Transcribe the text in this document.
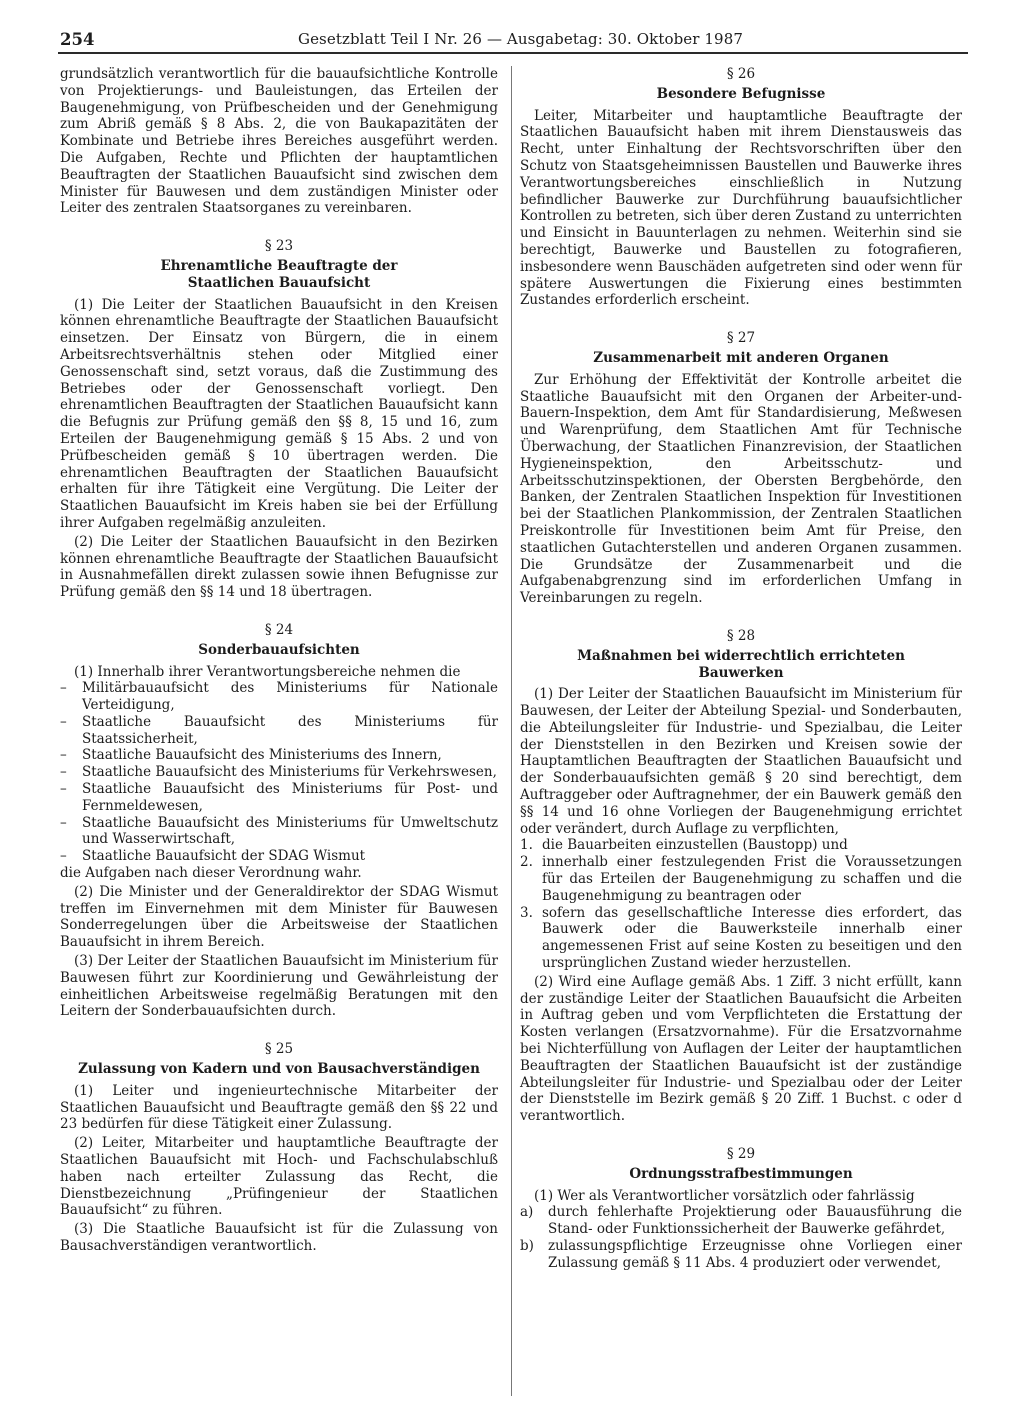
254	Gesetzblatt Teil I Nr. 26 — Ausgabetag: 30. Oktober 1987

grundsätzlich verantwortlich für die bauaufsichtliche Kontrolle von Projektierungs- und Bauleistungen, das Erteilen der Baugenehmigung, von Prüfbescheiden und der Genehmigung zum Abriß gemäß § 8 Abs. 2, die von Baukapazitäten der Kombinate und Betriebe ihres Bereiches ausgeführt werden. Die Aufgaben, Rechte und Pflichten der hauptamtlichen Beauftragten der Staatlichen Bauaufsicht sind zwischen dem Minister für Bauwesen und dem zuständigen Minister oder Leiter des zentralen Staatsorganes zu vereinbaren.

§ 23
Ehrenamtliche Beauftragte der
Staatlichen Bauaufsicht

(1) Die Leiter der Staatlichen Bauaufsicht in den Kreisen können ehrenamtliche Beauftragte der Staatlichen Bauaufsicht einsetzen. Der Einsatz von Bürgern, die in einem Arbeitsrechtsverhältnis stehen oder Mitglied einer Genossenschaft sind, setzt voraus, daß die Zustimmung des Betriebes oder der Genossenschaft vorliegt. Den ehrenamtlichen Beauftragten der Staatlichen Bauaufsicht kann die Befugnis zur Prüfung gemäß den §§ 8, 15 und 16, zum Erteilen der Baugenehmigung gemäß § 15 Abs. 2 und von Prüfbescheiden gemäß § 10 übertragen werden. Die ehrenamtlichen Beauftragten der Staatlichen Bauaufsicht erhalten für ihre Tätigkeit eine Vergütung. Die Leiter der Staatlichen Bauaufsicht im Kreis haben sie bei der Erfüllung ihrer Aufgaben regelmäßig anzuleiten.

(2) Die Leiter der Staatlichen Bauaufsicht in den Bezirken können ehrenamtliche Beauftragte der Staatlichen Bauaufsicht in Ausnahmefällen direkt zulassen sowie ihnen Befugnisse zur Prüfung gemäß den §§ 14 und 18 übertragen.

§ 24
Sonderbauaufsichten

(1) Innerhalb ihrer Verantwortungsbereiche nehmen die

– Militärbauaufsicht des Ministeriums für Nationale Verteidigung,
– Staatliche Bauaufsicht des Ministeriums für Staatssicherheit,
– Staatliche Bauaufsicht des Ministeriums des Innern,
– Staatliche Bauaufsicht des Ministeriums für Verkehrswesen,
– Staatliche Bauaufsicht des Ministeriums für Post- und Fernmeldewesen,
– Staatliche Bauaufsicht des Ministeriums für Umweltschutz und Wasserwirtschaft,
– Staatliche Bauaufsicht der SDAG Wismut

die Aufgaben nach dieser Verordnung wahr.

(2) Die Minister und der Generaldirektor der SDAG Wismut treffen im Einvernehmen mit dem Minister für Bauwesen Sonderregelungen über die Arbeitsweise der Staatlichen Bauaufsicht in ihrem Bereich.

(3) Der Leiter der Staatlichen Bauaufsicht im Ministerium für Bauwesen führt zur Koordinierung und Gewährleistung der einheitlichen Arbeitsweise regelmäßig Beratungen mit den Leitern der Sonderbauaufsichten durch.

§ 25
Zulassung von Kadern und von Bausachverständigen

(1) Leiter und ingenieurtechnische Mitarbeiter der Staatlichen Bauaufsicht und Beauftragte gemäß den §§ 22 und 23 bedürfen für diese Tätigkeit einer Zulassung.

(2) Leiter, Mitarbeiter und hauptamtliche Beauftragte der Staatlichen Bauaufsicht mit Hoch- und Fachschulabschluß haben nach erteilter Zulassung das Recht, die Dienstbezeichnung „Prüfingenieur der Staatlichen Bauaufsicht“ zu führen.

(3) Die Staatliche Bauaufsicht ist für die Zulassung von Bausachverständigen verantwortlich.

§ 26
Besondere Befugnisse

Leiter, Mitarbeiter und hauptamtliche Beauftragte der Staatlichen Bauaufsicht haben mit ihrem Dienstausweis das Recht, unter Einhaltung der Rechtsvorschriften über den Schutz von Staatsgeheimnissen Baustellen und Bauwerke ihres Verantwortungsbereiches einschließlich in Nutzung befindlicher Bauwerke zur Durchführung bauaufsichtlicher Kontrollen zu betreten, sich über deren Zustand zu unterrichten und Einsicht in Bauunterlagen zu nehmen. Weiterhin sind sie berechtigt, Bauwerke und Baustellen zu fotografieren, insbesondere wenn Bauschäden aufgetreten sind oder wenn für spätere Auswertungen die Fixierung eines bestimmten Zustandes erforderlich erscheint.

§ 27
Zusammenarbeit mit anderen Organen

Zur Erhöhung der Effektivität der Kontrolle arbeitet die Staatliche Bauaufsicht mit den Organen der Arbeiter-und-Bauern-Inspektion, dem Amt für Standardisierung, Meßwesen und Warenprüfung, dem Staatlichen Amt für Technische Überwachung, der Staatlichen Finanzrevision, der Staatlichen Hygieneinspektion, den Arbeitsschutz- und Arbeitsschutzinspektionen, der Obersten Bergbehörde, den Banken, der Zentralen Staatlichen Inspektion für Investitionen bei der Staatlichen Plankommission, der Zentralen Staatlichen Preiskontrolle für Investitionen beim Amt für Preise, den staatlichen Gutachterstellen und anderen Organen zusammen. Die Grundsätze der Zusammenarbeit und die Aufgabenabgrenzung sind im erforderlichen Umfang in Vereinbarungen zu regeln.

§ 28
Maßnahmen bei widerrechtlich errichteten
Bauwerken

(1) Der Leiter der Staatlichen Bauaufsicht im Ministerium für Bauwesen, der Leiter der Abteilung Spezial- und Sonderbauten, die Abteilungsleiter für Industrie- und Spezialbau, die Leiter der Dienststellen in den Bezirken und Kreisen sowie der Hauptamtlichen Beauftragten der Staatlichen Bauaufsicht und der Sonderbauaufsichten gemäß § 20 sind berechtigt, dem Auftraggeber oder Auftragnehmer, der ein Bauwerk gemäß den §§ 14 und 16 ohne Vorliegen der Baugenehmigung errichtet oder verändert, durch Auflage zu verpflichten,

1. die Bauarbeiten einzustellen (Baustopp) und
2. innerhalb einer festzulegenden Frist die Voraussetzungen für das Erteilen der Baugenehmigung zu schaffen und die Baugenehmigung zu beantragen oder
3. sofern das gesellschaftliche Interesse dies erfordert, das Bauwerk oder die Bauwerksteile innerhalb einer angemessenen Frist auf seine Kosten zu beseitigen und den ursprünglichen Zustand wieder herzustellen.

(2) Wird eine Auflage gemäß Abs. 1 Ziff. 3 nicht erfüllt, kann der zuständige Leiter der Staatlichen Bauaufsicht die Arbeiten in Auftrag geben und vom Verpflichteten die Erstattung der Kosten verlangen (Ersatzvornahme). Für die Ersatzvornahme bei Nichterfüllung von Auflagen der Leiter der hauptamtlichen Beauftragten der Staatlichen Bauaufsicht ist der zuständige Abteilungsleiter für Industrie- und Spezialbau oder der Leiter der Dienststelle im Bezirk gemäß § 20 Ziff. 1 Buchst. c oder d verantwortlich.

§ 29
Ordnungsstrafbestimmungen

(1) Wer als Verantwortlicher vorsätzlich oder fahrlässig

a) durch fehlerhafte Projektierung oder Bauausführung die Stand- oder Funktionssicherheit der Bauwerke gefährdet,
b) zulassungspflichtige Erzeugnisse ohne Vorliegen einer Zulassung gemäß § 11 Abs. 4 produziert oder verwendet,
